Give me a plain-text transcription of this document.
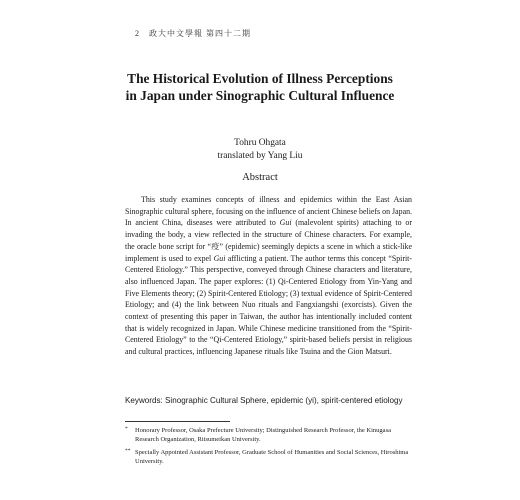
2 政大中文學報 第四十二期
The Historical Evolution of Illness Perceptions
in Japan under Sinographic Cultural Influence
Tohru Ohgata
translated by Yang Liu
Abstract

This study examines concepts of illness and epidemics within the East Asian Sinographic cultural sphere, focusing on the influence of ancient Chinese beliefs on Japan. In ancient China, diseases were attributed to Gui (malevolent spirits) attaching to or invading the body, a view reflected in the structure of Chinese characters. For example, the oracle bone script for “疫” (epidemic) seemingly depicts a scene in which a stick-like implement is used to expel Gui afflicting a patient. The author terms this concept “Spirit-Centered Etiology.” This perspective, conveyed through Chinese characters and literature, also influenced Japan. The paper explores: (1) Qi-Centered Etiology from Yin-Yang and Five Elements theory; (2) Spirit-Centered Etiology; (3) textual evidence of Spirit-Centered Etiology; and (4) the link between Nuo rituals and Fangxiangshi (exorcists). Given the context of presenting this paper in Taiwan, the author has intentionally included content that is widely recognized in Japan. While Chinese medicine transitioned from the “Spirit-Centered Etiology” to the “Qi-Centered Etiology,” spirit-based beliefs persist in religious and cultural practices, influencing Japanese rituals like Tsuina and the Gion Matsuri.

Keywords: Sinographic Cultural Sphere, epidemic (yi), spirit-centered etiology
* Honorary Professor, Osaka Prefecture University; Distinguished Research Professor, the Kinugasa Research Organization, Ritsumeikan University.
** Specially Appointed Assistant Professor, Graduate School of Humanities and Social Sciences, Hiroshima University.
